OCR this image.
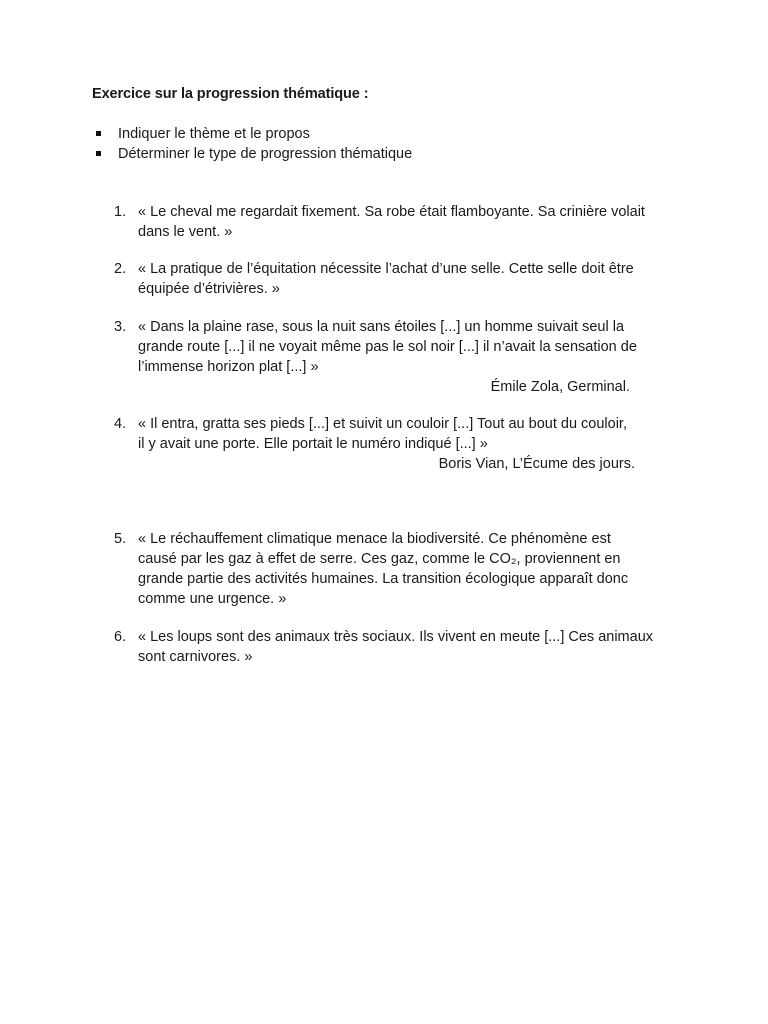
Exercice sur la progression thématique :
Indiquer le thème et le propos
Déterminer le type de progression thématique
1. « Le cheval me regardait fixement. Sa robe était flamboyante. Sa crinière volait
dans le vent. »
2. « La pratique de l’équitation nécessite l’achat d’une selle. Cette selle doit être
équipée d’étrivières. »
3. « Dans la plaine rase, sous la nuit sans étoiles [...] un homme suivait seul la
grande route [...] il ne voyait même pas le sol noir [...] il n’avait la sensation de
l’immense horizon plat [...] »
Émile Zola, Germinal.
4. « Il entra, gratta ses pieds [...] et suivit un couloir [...] Tout au bout du couloir,
il y avait une porte. Elle portait le numéro indiqué [...] »
Boris Vian, L’Écume des jours.
5. « Le réchauffement climatique menace la biodiversité. Ce phénomène est
causé par les gaz à effet de serre. Ces gaz, comme le CO₂, proviennent en
grande partie des activités humaines. La transition écologique apparaît donc
comme une urgence. »
6. « Les loups sont des animaux très sociaux. Ils vivent en meute [...] Ces animaux
sont carnivores. »
